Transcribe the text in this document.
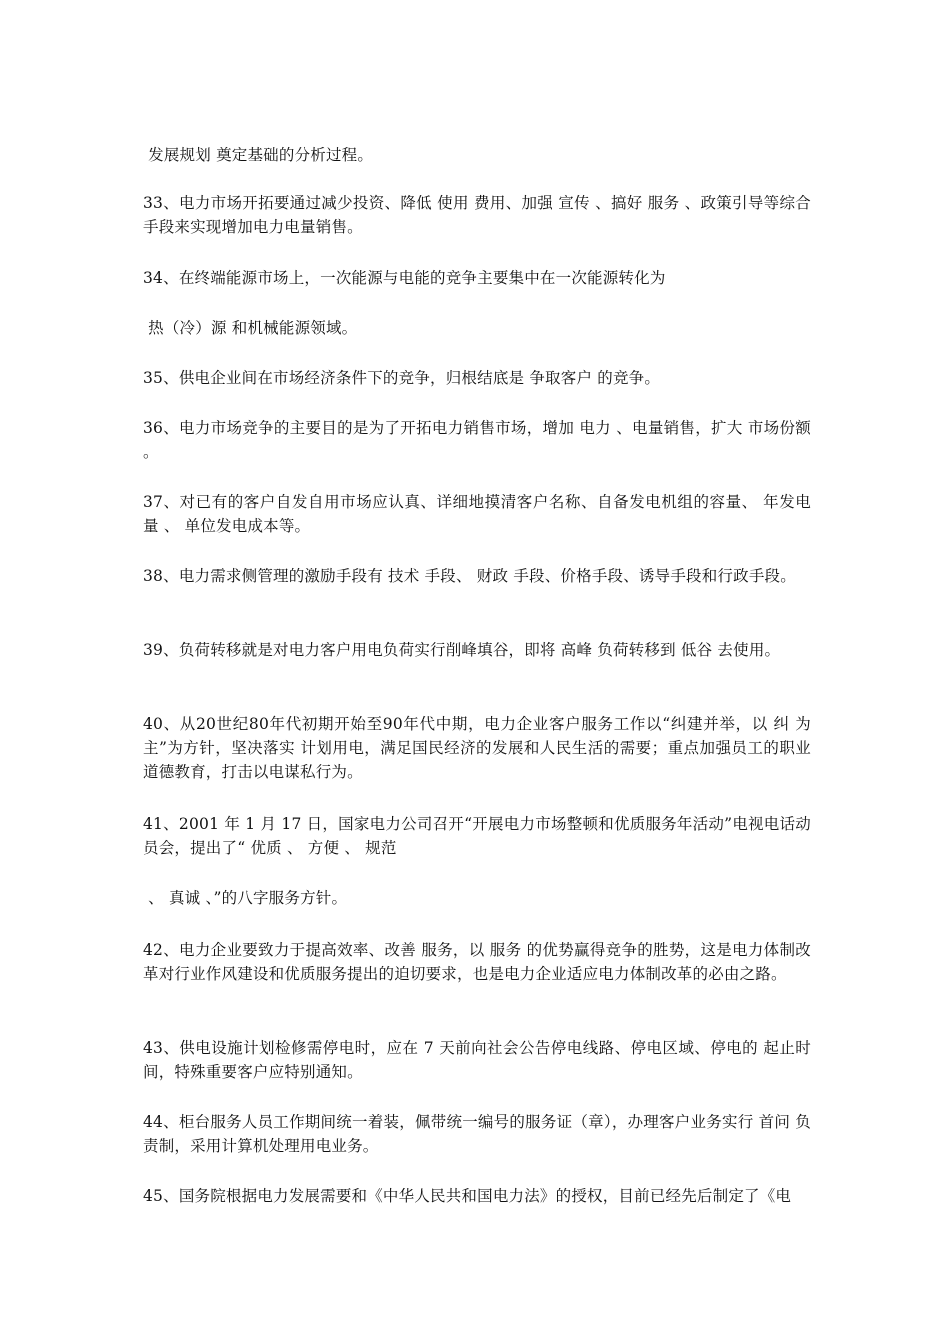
发展规划 奠定基础的分析过程。

33、电力市场开拓要通过减少投资、降低 使用 费用、加强 宣传 、搞好 服务 、政策引导等综合手段来实现增加电力电量销售。

34、在终端能源市场上，一次能源与电能的竞争主要集中在一次能源转化为

热（冷）源 和机械能源领域。

35、供电企业间在市场经济条件下的竞争，归根结底是 争取客户 的竞争。

36、电力市场竞争的主要目的是为了开拓电力销售市场，增加 电力 、电量销售，扩大 市场份额 。

37、对已有的客户自发自用市场应认真、详细地摸清客户名称、自备发电机组的容量、 年发电量 、 单位发电成本等。

38、电力需求侧管理的激励手段有 技术 手段、 财政 手段、价格手段、诱导手段和行政手段。

39、负荷转移就是对电力客户用电负荷实行削峰填谷，即将 高峰 负荷转移到 低谷 去使用。

40、从20世纪80年代初期开始至90年代中期，电力企业客户服务工作以“纠建并举，以 纠 为主”为方针，坚决落实 计划用电，满足国民经济的发展和人民生活的需要；重点加强员工的职业道德教育，打击以电谋私行为。

41、2001 年 1 月 17 日，国家电力公司召开“开展电力市场整顿和优质服务年活动”电视电话动员会，提出了“ 优质 、 方便 、 规范

、 真诚 、”的八字服务方针。

42、电力企业要致力于提高效率、改善 服务，以 服务 的优势赢得竞争的胜势，这是电力体制改革对行业作风建设和优质服务提出的迫切要求，也是电力企业适应电力体制改革的必由之路。

43、供电设施计划检修需停电时，应在 7 天前向社会公告停电线路、停电区域、停电的 起止时间，特殊重要客户应特别通知。

44、柜台服务人员工作期间统一着装，佩带统一编号的服务证（章），办理客户业务实行 首问 负责制，采用计算机处理用电业务。

45、国务院根据电力发展需要和《中华人民共和国电力法》的授权，目前已经先后制定了《电
